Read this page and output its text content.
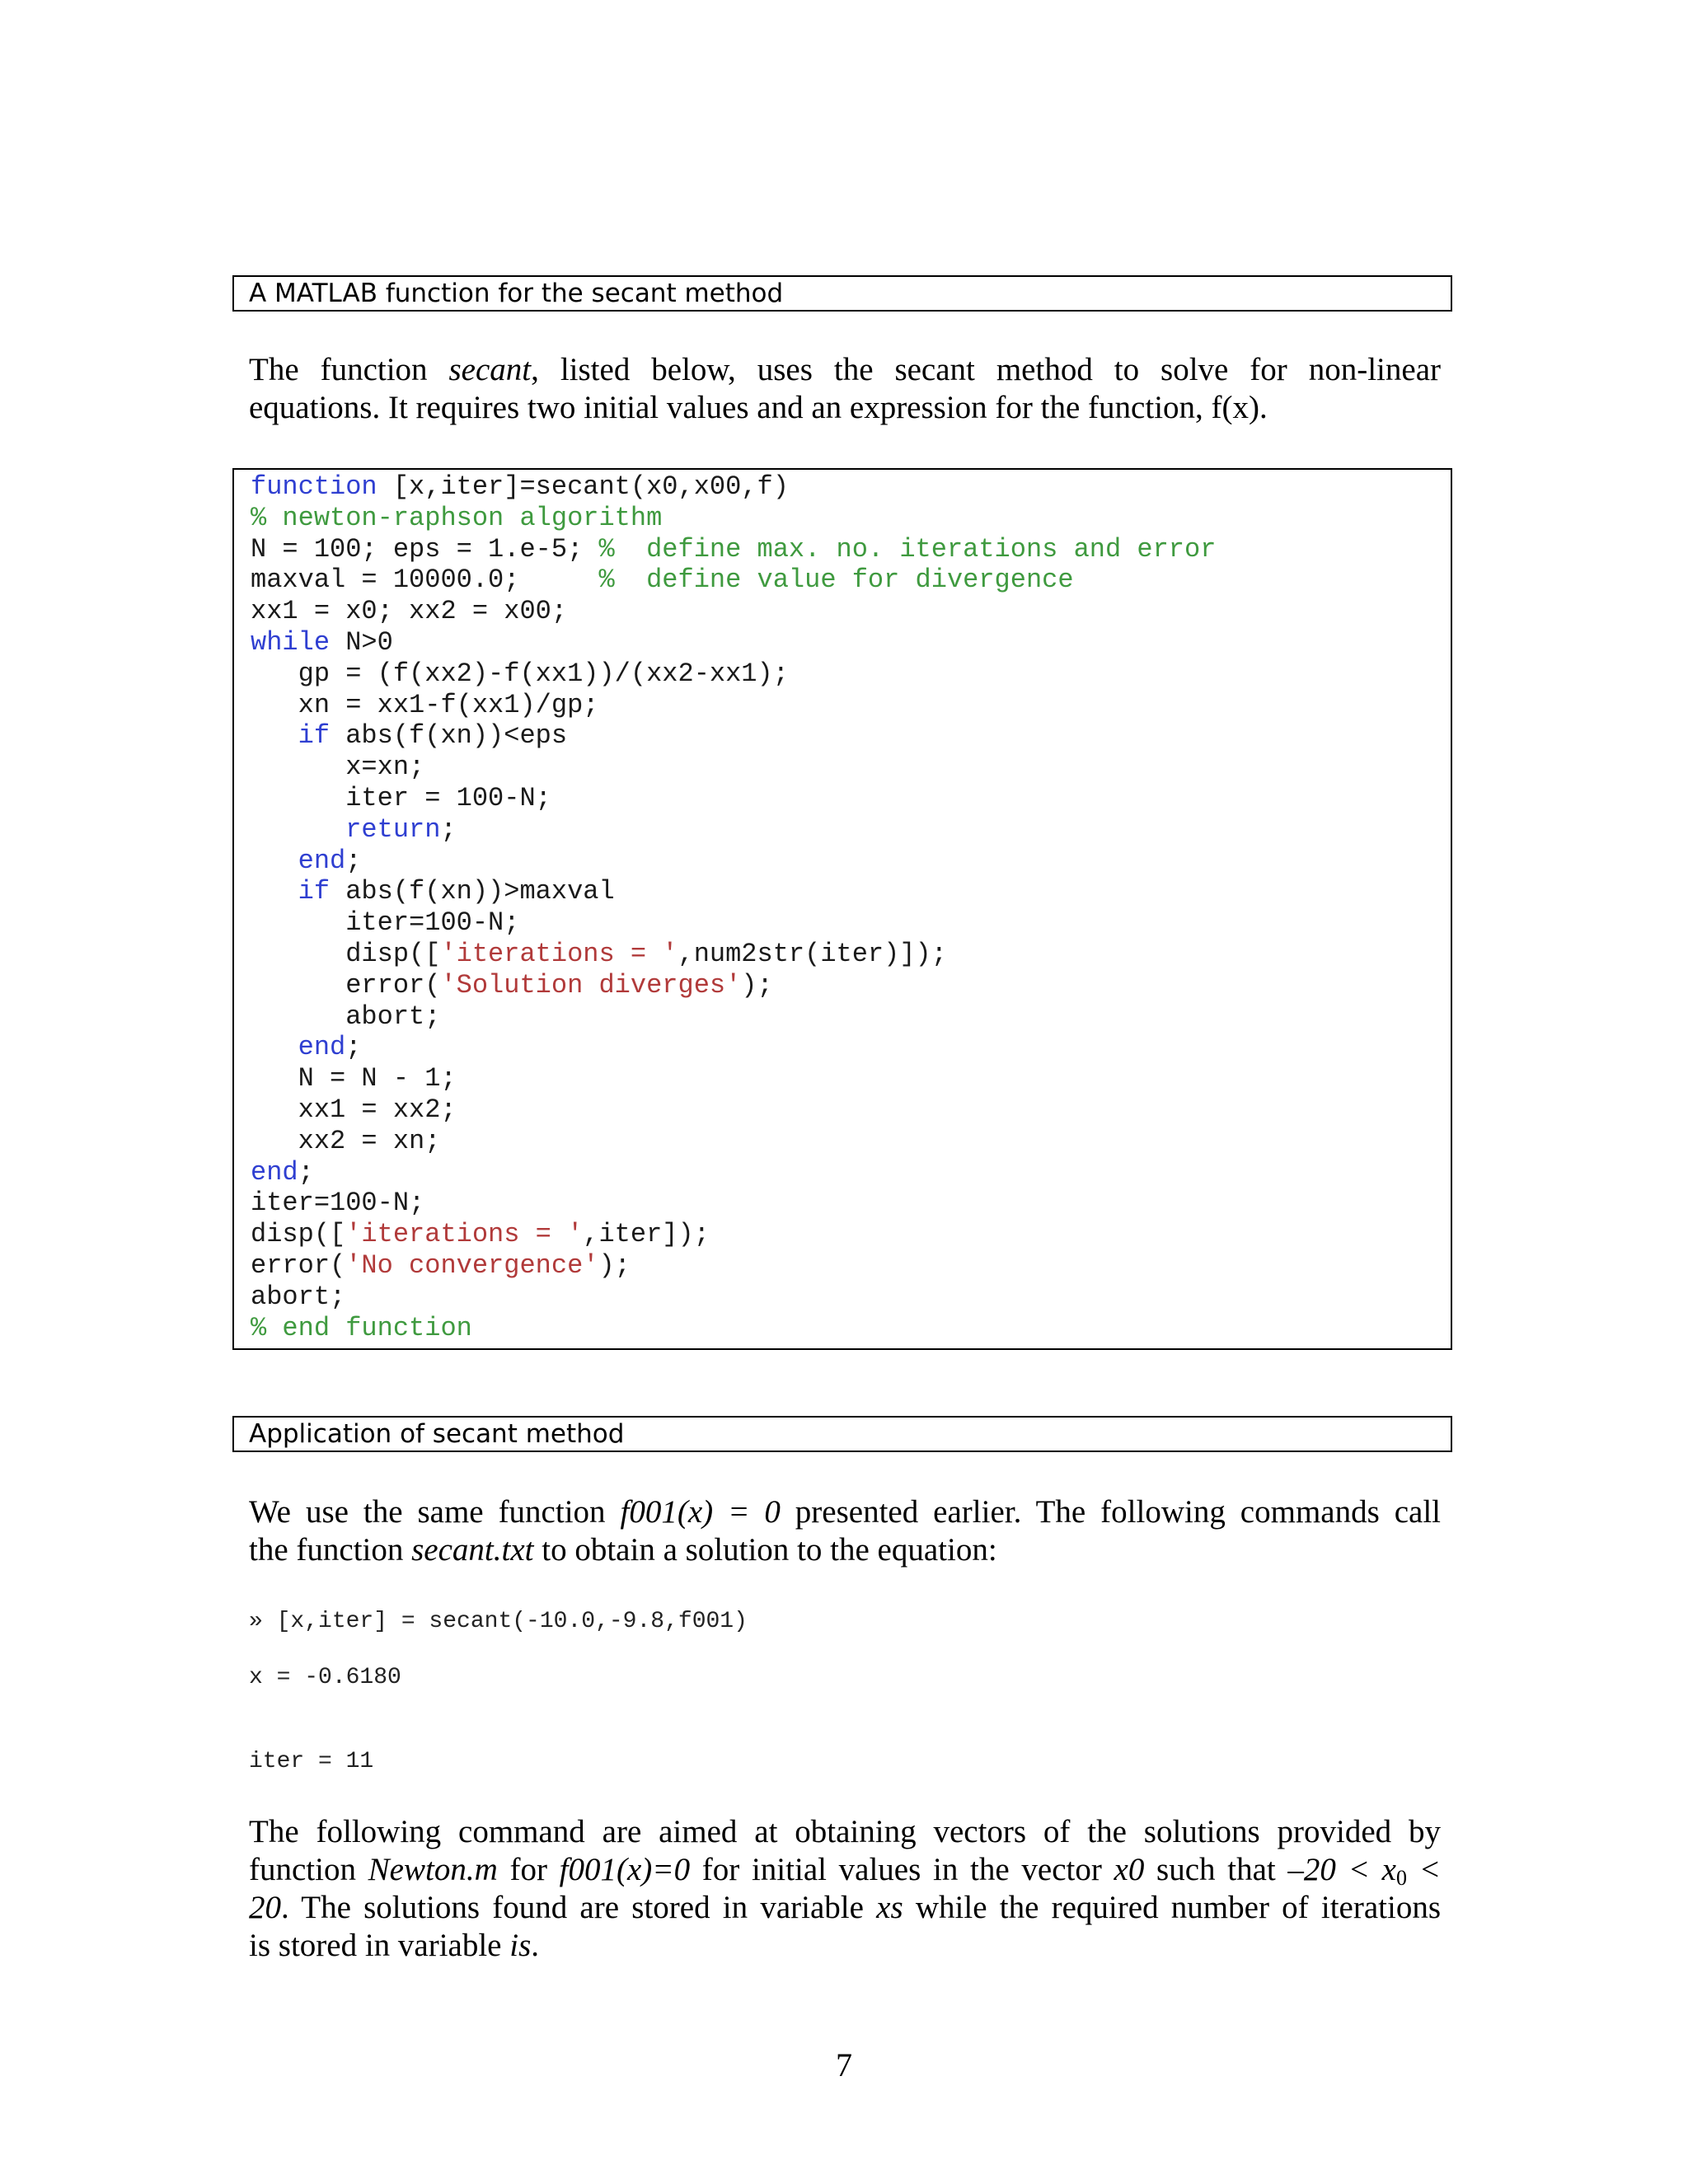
A MATLAB function for the secant method
The function secant, listed below, uses the secant method to solve for non-linear
equations. It requires two initial values and an expression for the function, f(x).
function [x,iter]=secant(x0,x00,f)
% newton-raphson algorithm
N = 100; eps = 1.e-5; %  define max. no. iterations and error
maxval = 10000.0;     %  define value for divergence
xx1 = x0; xx2 = x00;
while N>0
gp = (f(xx2)-f(xx1))/(xx2-xx1);
xn = xx1-f(xx1)/gp;
if abs(f(xn))<eps
x=xn;
iter = 100-N;
return;
end;
if abs(f(xn))>maxval
iter=100-N;
disp(['iterations = ',num2str(iter)]);
error('Solution diverges');
abort;
end;
N = N - 1;
xx1 = xx2;
xx2 = xn;
end;
iter=100-N;
disp(['iterations = ',iter]);
error('No convergence');
abort;
% end function
Application of secant method
We use the same function f001(x) = 0 presented earlier. The following commands call
the function secant.txt to obtain a solution to the equation:
» [x,iter] = secant(-10.0,-9.8,f001)
x = -0.6180
iter = 11
The following command are aimed at obtaining vectors of the solutions provided by
function Newton.m for f001(x)=0 for initial values in the vector x0 such that $-20 < x_0$ <
20. The solutions found are stored in variable xs while the required number of iterations
is stored in variable is.
7
